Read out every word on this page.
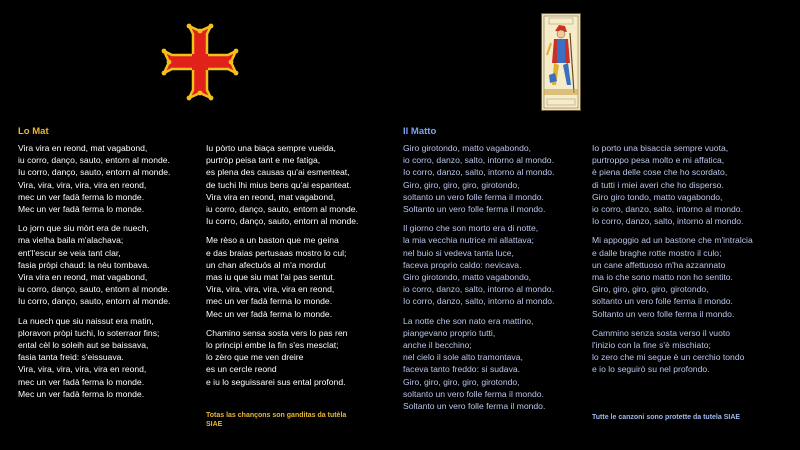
Lo Mat	Il Matto
Vira vira en reond, mat vagabond,
iu corro, danço, sauto, entorn al monde.
Iu corro, danço, sauto, entorn al monde.
Vira, vira, vira, vira, vira en reond,
mec un ver fadà ferma lo monde.
Mec un ver fadà ferma lo monde.
Lo jorn que siu mòrt era de nuech,
ma vielha baila m'alachava;
ent'l'escur se veia tant clar,
fasia pròpi chaud: la nèu tombava.
Vira vira en reond, mat vagabond,
iu corro, danço, sauto, entorn al monde.
Iu corro, danço, sauto, entorn al monde.
La nuech que siu naissut era matin,
ploravon pròpi tuchi, lo soterraor fins;
ental cèl lo soleih aut se baissava,
fasia tanta freid: s'eissuava.
Vira, vira, vira, vira, vira en reond,
mec un ver fadà ferma lo monde.
Mec un ver fadà ferma lo monde.
Iu pòrto una biaça sempre vueida,
purtròp peisa tant e me fatiga,
es plena des causas qu'ai esmenteat,
de tuchi lhi mius bens qu'ai espanteat.
Vira vira en reond, mat vagabond,
iu corro, danço, sauto, entorn al monde.
Iu corro, danço, sauto, entorn al monde.
Me rèso a un baston que me geina
e das braias pertusaas mostro lo cul;
un chan afectuós al m'a mordut
mas iu que siu mat l'ai pas sentut.
Vira, vira, vira, vira, vira en reond,
mec un ver fadà ferma lo monde.
Mec un ver fadà ferma lo monde.
Chamino sensa sosta vers lo pas ren
lo principi embe la fin s'es mesclat;
lo zèro que me ven dreire
es un cercle reond
e iu lo seguissarei sus ental profond.
Giro girotondo, matto vagabondo,
io corro, danzo, salto, intorno al mondo.
Io corro, danzo, salto, intorno al mondo.
Giro, giro, giro, giro, girotondo,
soltanto un vero folle ferma il mondo.
Soltanto un vero folle ferma il mondo.
Il giorno che son morto era di notte,
la mia vecchia nutrice mi allattava;
nel buio si vedeva tanta luce,
faceva proprio caldo: nevicava.
Giro girotondo, matto vagabondo,
io corro, danzo, salto, intorno al mondo.
Io corro, danzo, salto, intorno al mondo.
La notte che son nato era mattino,
piangevano proprio tutti,
anche il becchino;
nel cielo il sole alto tramontava,
faceva tanto freddo: si sudava.
Giro, giro, giro, giro, girotondo,
soltanto un vero folle ferma il mondo.
Soltanto un vero folle ferma il mondo.
Io porto una bisaccia sempre vuota,
purtroppo pesa molto e mi affatica,
è piena delle cose che ho scordato,
di tutti i miei averi che ho disperso.
Giro giro tondo, matto vagabondo,
io corro, danzo, salto, intorno al mondo.
Io corro, danzo, salto, intorno al mondo.
Mi appoggio ad un bastone che m'intralcia
e dalle braghe rotte mostro il culo;
un cane affettuoso m'ha azzannato
ma io che sono matto non ho sentito.
Giro, giro, giro, giro, girotondo,
soltanto un vero folle ferma il mondo.
Soltanto un vero folle ferma il mondo.
Cammino senza sosta verso il vuoto
l'inizio con la fine s'è mischiato;
lo zero che mi segue è un cerchio tondo
e io lo seguirò su nel profondo.
Totas las chançons son ganditas da tutèla
SIAE
Tutte le canzoni sono protette da tutela SIAE
